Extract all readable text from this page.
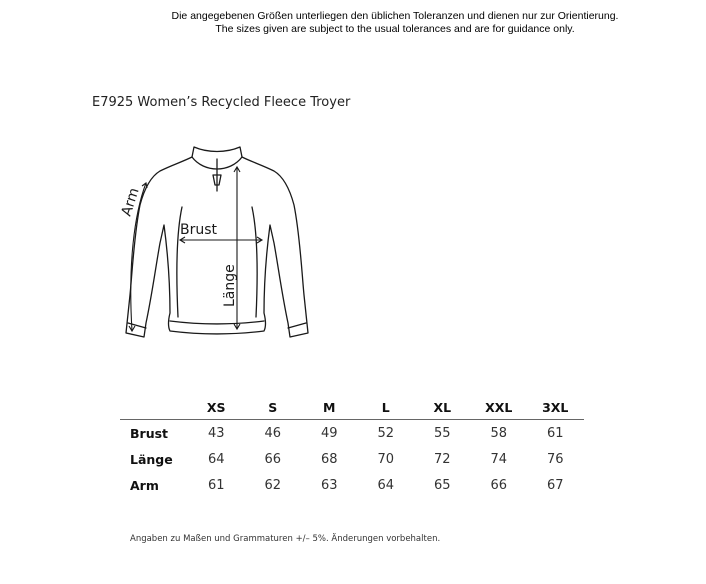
Die angegebenen Größen unterliegen den üblichen Toleranzen und dienen nur zur Orientierung.
The sizes given are subject to the usual tolerances and are for guidance only.
E7925 Women’s Recycled Fleece Troyer
Brust
Länge
Arm
	XS	S	M	L	XL	XXL	3XL
Brust	43	46	49	52	55	58	61
Länge	64	66	68	70	72	74	76
Arm	61	62	63	64	65	66	67
Angaben zu Maßen und Grammaturen +/– 5%. Änderungen vorbehalten.
